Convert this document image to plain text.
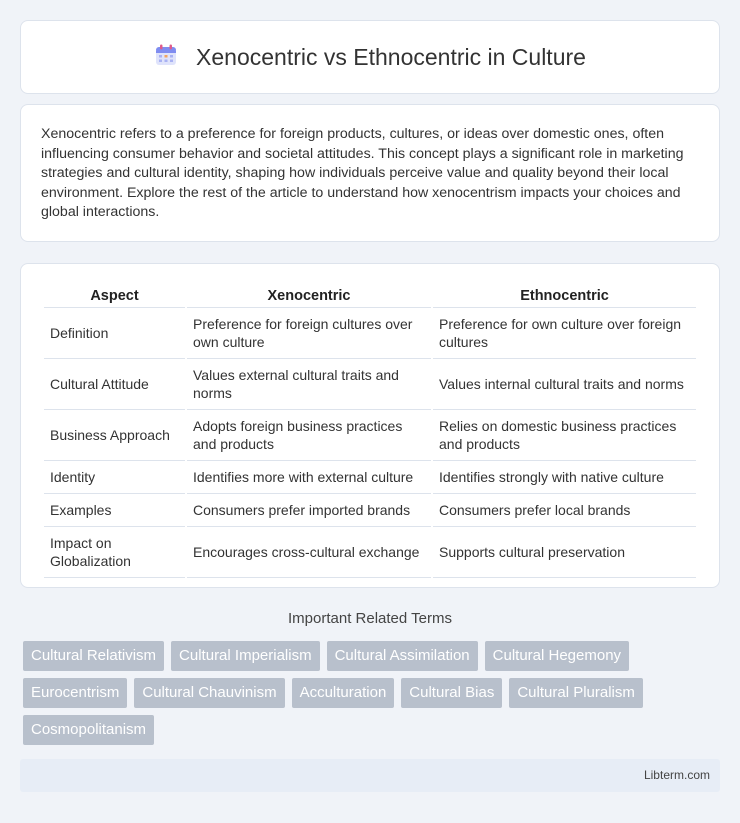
Xenocentric vs Ethnocentric in Culture

Xenocentric refers to a preference for foreign products, cultures, or ideas over domestic ones, often influencing consumer behavior and societal attitudes. This concept plays a significant role in marketing strategies and cultural identity, shaping how individuals perceive value and quality beyond their local environment. Explore the rest of the article to understand how xenocentrism impacts your choices and global interactions.

Aspect	Xenocentric	Ethnocentric
Definition	Preference for foreign cultures over own culture	Preference for own culture over foreign cultures
Cultural Attitude	Values external cultural traits and norms	Values internal cultural traits and norms
Business Approach	Adopts foreign business practices and products	Relies on domestic business practices and products
Identity	Identifies more with external culture	Identifies strongly with native culture
Examples	Consumers prefer imported brands	Consumers prefer local brands
Impact on Globalization	Encourages cross-cultural exchange	Supports cultural preservation
Important Related Terms
Cultural Relativism	Cultural Imperialism	Cultural Assimilation	Cultural Hegemony
Eurocentrism	Cultural Chauvinism	Acculturation	Cultural Bias	Cultural Pluralism
Cosmopolitanism
Libterm.com
